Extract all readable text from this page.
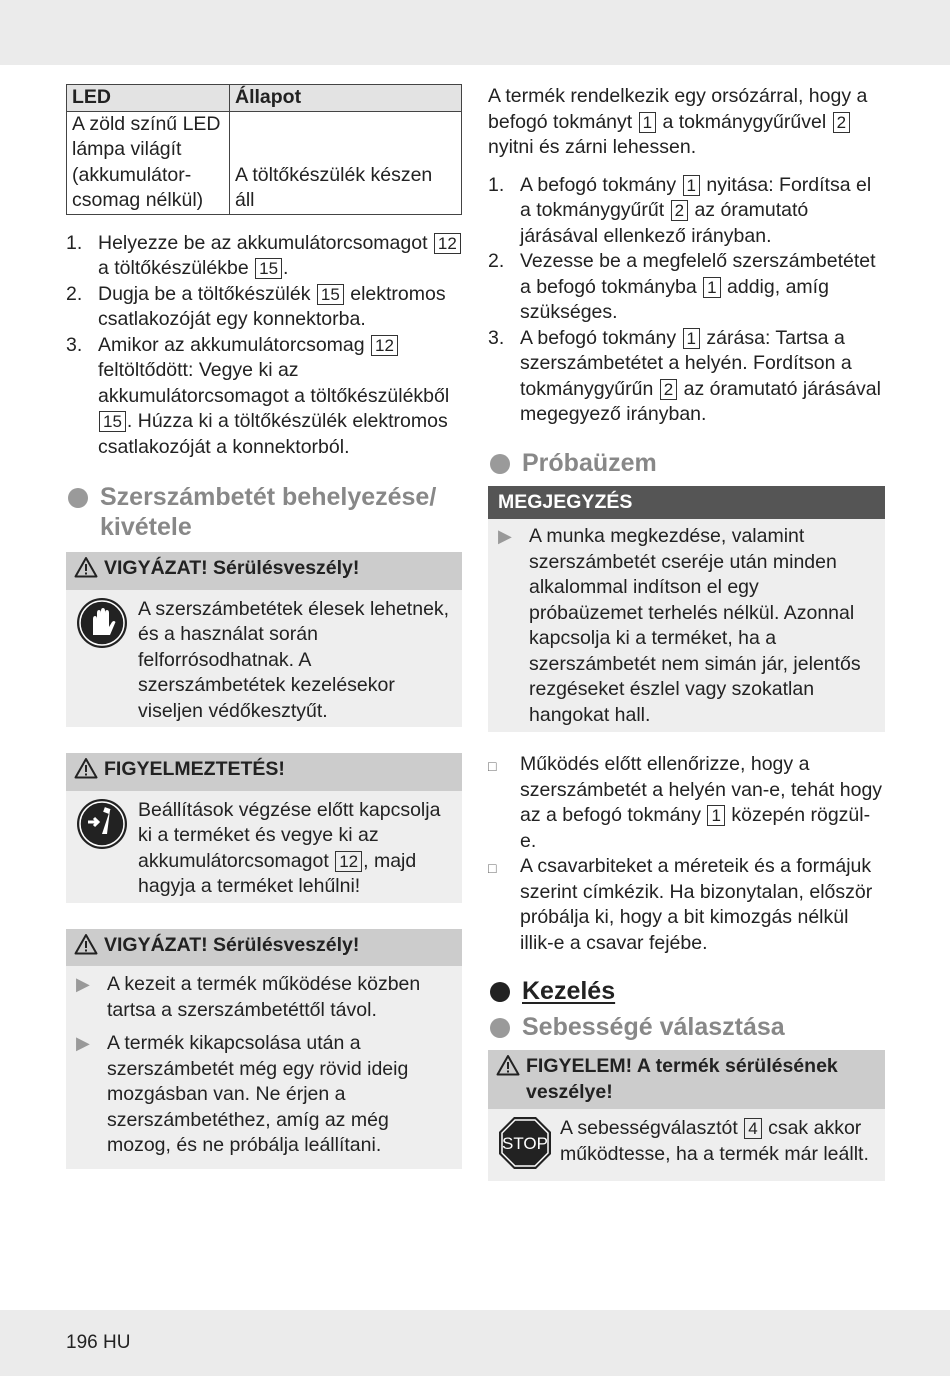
LED	Állapot
A zöld színű LED lámpa világít (akkumulátor-csomag nélkül)	A töltőkészülék készen áll
1. Helyezze be az akkumulátorcsomagot 12 a töltőkészülékbe 15 .
2. Dugja be a töltőkészülék 15 elektromos csatlakozóját egy konnektorba.
3. Amikor az akkumulátorcsomag 12 feltöltődött: Vegye ki az akkumulátorcsomagot a töltőkészülékből 15 . Húzza ki a töltőkészülék elektromos csatlakozóját a konnektorból.
Szerszámbetét behelyezése/ kivétele
VIGYÁZAT! Sérülésveszély!
A szerszámbetétek élesek lehetnek, és a használat során felforrósodhatnak. A szerszámbetétek kezelésekor viseljen védőkesztyűt.
FIGYELMEZTETÉS!
Beállítások végzése előtt kapcsolja ki a terméket és vegye ki az akkumulátorcsomagot 12 , majd hagyja a terméket lehűlni!
VIGYÁZAT! Sérülésveszély!
▶ A kezeit a termék működése közben tartsa a szerszámbetéttől távol.
▶ A termék kikapcsolása után a szerszámbetét még egy rövid ideig mozgásban van. Ne érjen a szerszámbetéthez, amíg az még mozog, és ne próbálja leállítani.
A termék rendelkezik egy orsózárral, hogy a befogó tokmányt 1 a tokmánygyűrűvel 2 nyitni és zárni lehessen.
1. A befogó tokmány 1 nyitása: Fordítsa el a tokmánygyűrűt 2 az óramutató járásával ellenkező irányban.
2. Vezesse be a megfelelő szerszámbetétet a befogó tokmányba 1 addig, amíg szükséges.
3. A befogó tokmány 1 zárása: Tartsa a szerszámbetétet a helyén. Fordítson a tokmánygyűrűn 2 az óramutató járásával megegyező irányban.
Próbaüzem
MEGJEGYZÉS
▶ A munka megkezdése, valamint szerszámbetét cseréje után minden alkalommal indítson el egy próbaüzemet terhelés nélkül. Azonnal kapcsolja ki a terméket, ha a szerszámbetét nem simán jár, jelentős rezgéseket észlel vagy szokatlan hangokat hall.
□	Működés előtt ellenőrizze, hogy a szerszámbetét a helyén van-e, tehát hogy az a befogó tokmány 1 közepén rögzül-e.
□	A csavarbiteket a méreteik és a formájuk szerint címkézik. Ha bizonytalan, először próbálja ki, hogy a bit kimozgás nélkül illik-e a csavar fejébe.
Kezelés
Sebességé választása
FIGYELEM! A termék sérülésének veszélye!
STOP
A sebességválasztót 4 csak akkor működtesse, ha a termék már leállt.
196 HU
